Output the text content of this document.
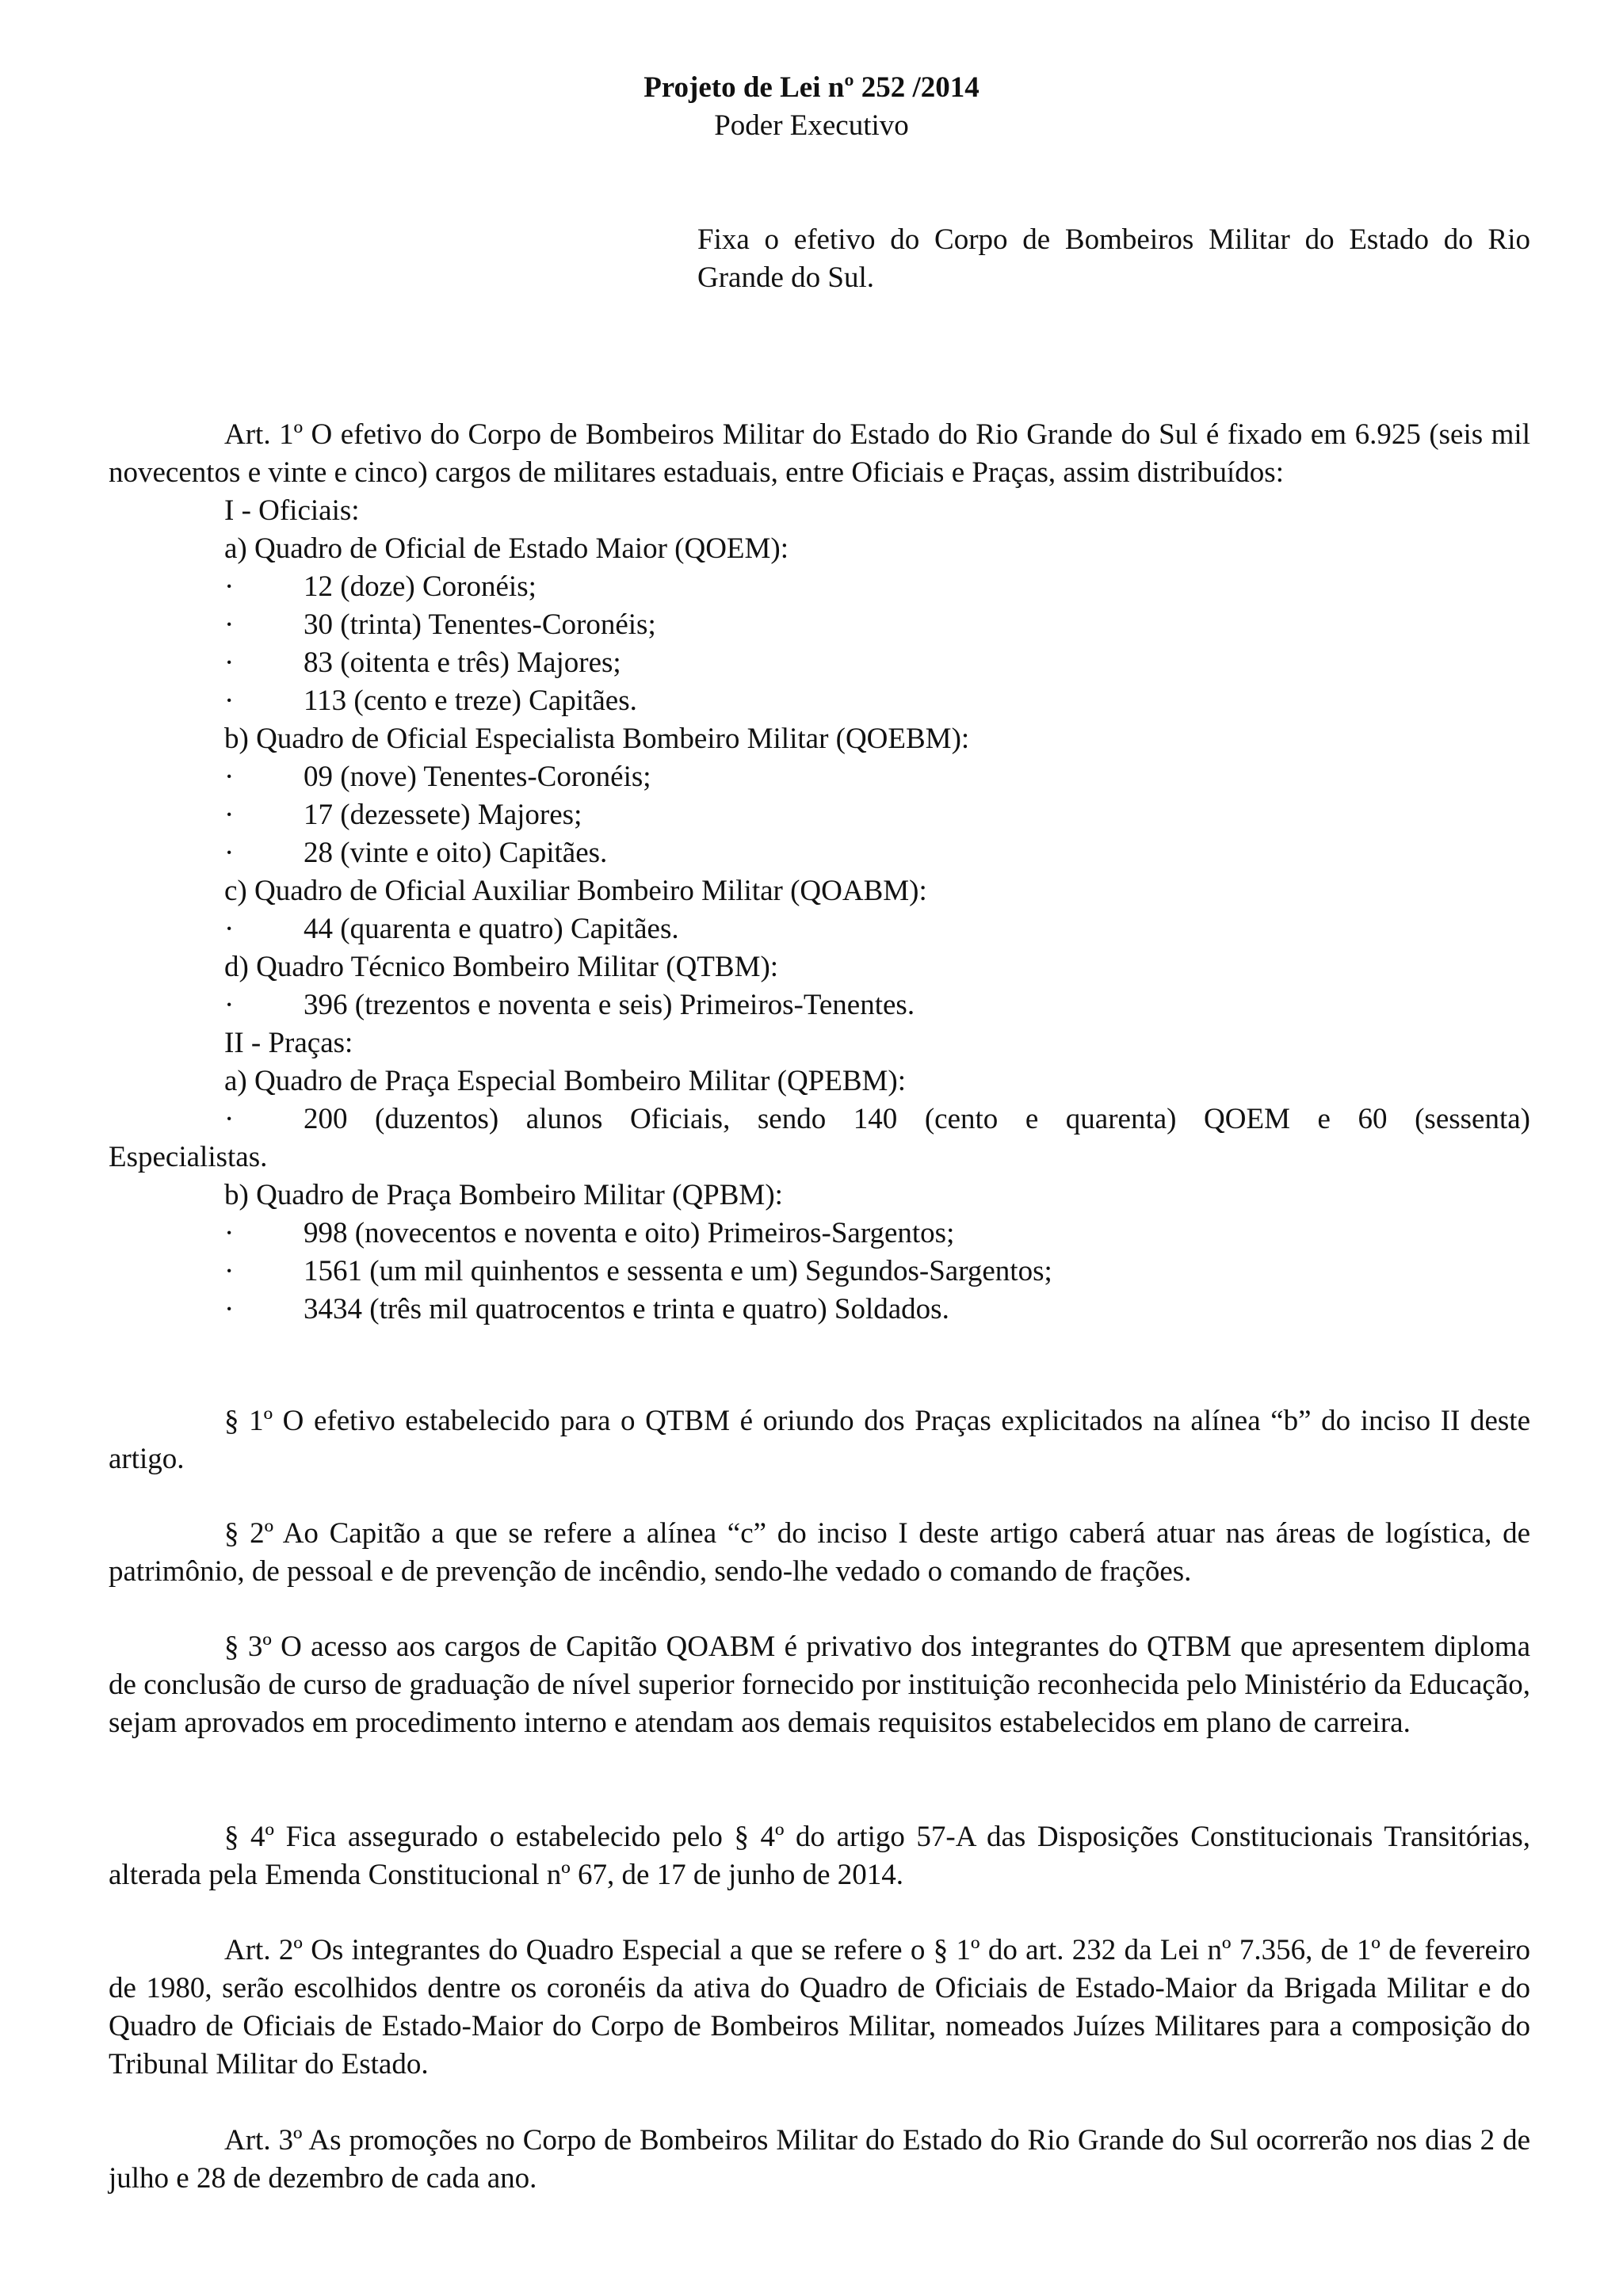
Projeto de Lei nº 252 /2014
Poder Executivo

Fixa o efetivo do Corpo de Bombeiros Militar do Estado do Rio Grande do Sul.

Art. 1º O efetivo do Corpo de Bombeiros Militar do Estado do Rio Grande do Sul é fixado em 6.925 (seis mil novecentos e vinte e cinco) cargos de militares estaduais, entre Oficiais e Praças, assim distribuídos:

I - Oficiais:
a) Quadro de Oficial de Estado Maior (QOEM):
·	12 (doze) Coronéis;
·	30 (trinta) Tenentes-Coronéis;
·	83 (oitenta e três) Majores;
·	113 (cento e treze) Capitães.
b) Quadro de Oficial Especialista Bombeiro Militar (QOEBM):
·	09 (nove) Tenentes-Coronéis;
·	17 (dezessete) Majores;
·	28 (vinte e oito) Capitães.
c) Quadro de Oficial Auxiliar Bombeiro Militar (QOABM):
·	44 (quarenta e quatro) Capitães.
d) Quadro Técnico Bombeiro Militar (QTBM):
·	396 (trezentos e noventa e seis) Primeiros-Tenentes.
II - Praças:
a) Quadro de Praça Especial Bombeiro Militar (QPEBM):
·	200 (duzentos) alunos Oficiais, sendo 140 (cento e quarenta) QOEM e 60 (sessenta)
Especialistas.
b) Quadro de Praça Bombeiro Militar (QPBM):
·	998 (novecentos e noventa e oito) Primeiros-Sargentos;
·	1561 (um mil quinhentos e sessenta e um) Segundos-Sargentos;
·	3434 (três mil quatrocentos e trinta e quatro) Soldados.

§ 1º O efetivo estabelecido para o QTBM é oriundo dos Praças explicitados na alínea “b” do inciso II deste artigo.

§ 2º Ao Capitão a que se refere a alínea “c” do inciso I deste artigo caberá atuar nas áreas de logística, de patrimônio, de pessoal e de prevenção de incêndio, sendo-lhe vedado o comando de frações.

§ 3º O acesso aos cargos de Capitão QOABM é privativo dos integrantes do QTBM que apresentem diploma de conclusão de curso de graduação de nível superior fornecido por instituição reconhecida pelo Ministério da Educação, sejam aprovados em procedimento interno e atendam aos demais requisitos estabelecidos em plano de carreira.

§ 4º Fica assegurado o estabelecido pelo § 4º do artigo 57-A das Disposições Constitucionais Transitórias, alterada pela Emenda Constitucional nº 67, de 17 de junho de 2014.

Art. 2º Os integrantes do Quadro Especial a que se refere o § 1º do art. 232 da Lei nº 7.356, de 1º de fevereiro de 1980, serão escolhidos dentre os coronéis da ativa do Quadro de Oficiais de Estado-Maior da Brigada Militar e do Quadro de Oficiais de Estado-Maior do Corpo de Bombeiros Militar, nomeados Juízes Militares para a composição do Tribunal Militar do Estado.

Art. 3º As promoções no Corpo de Bombeiros Militar do Estado do Rio Grande do Sul ocorrerão nos dias 2 de julho e 28 de dezembro de cada ano.
